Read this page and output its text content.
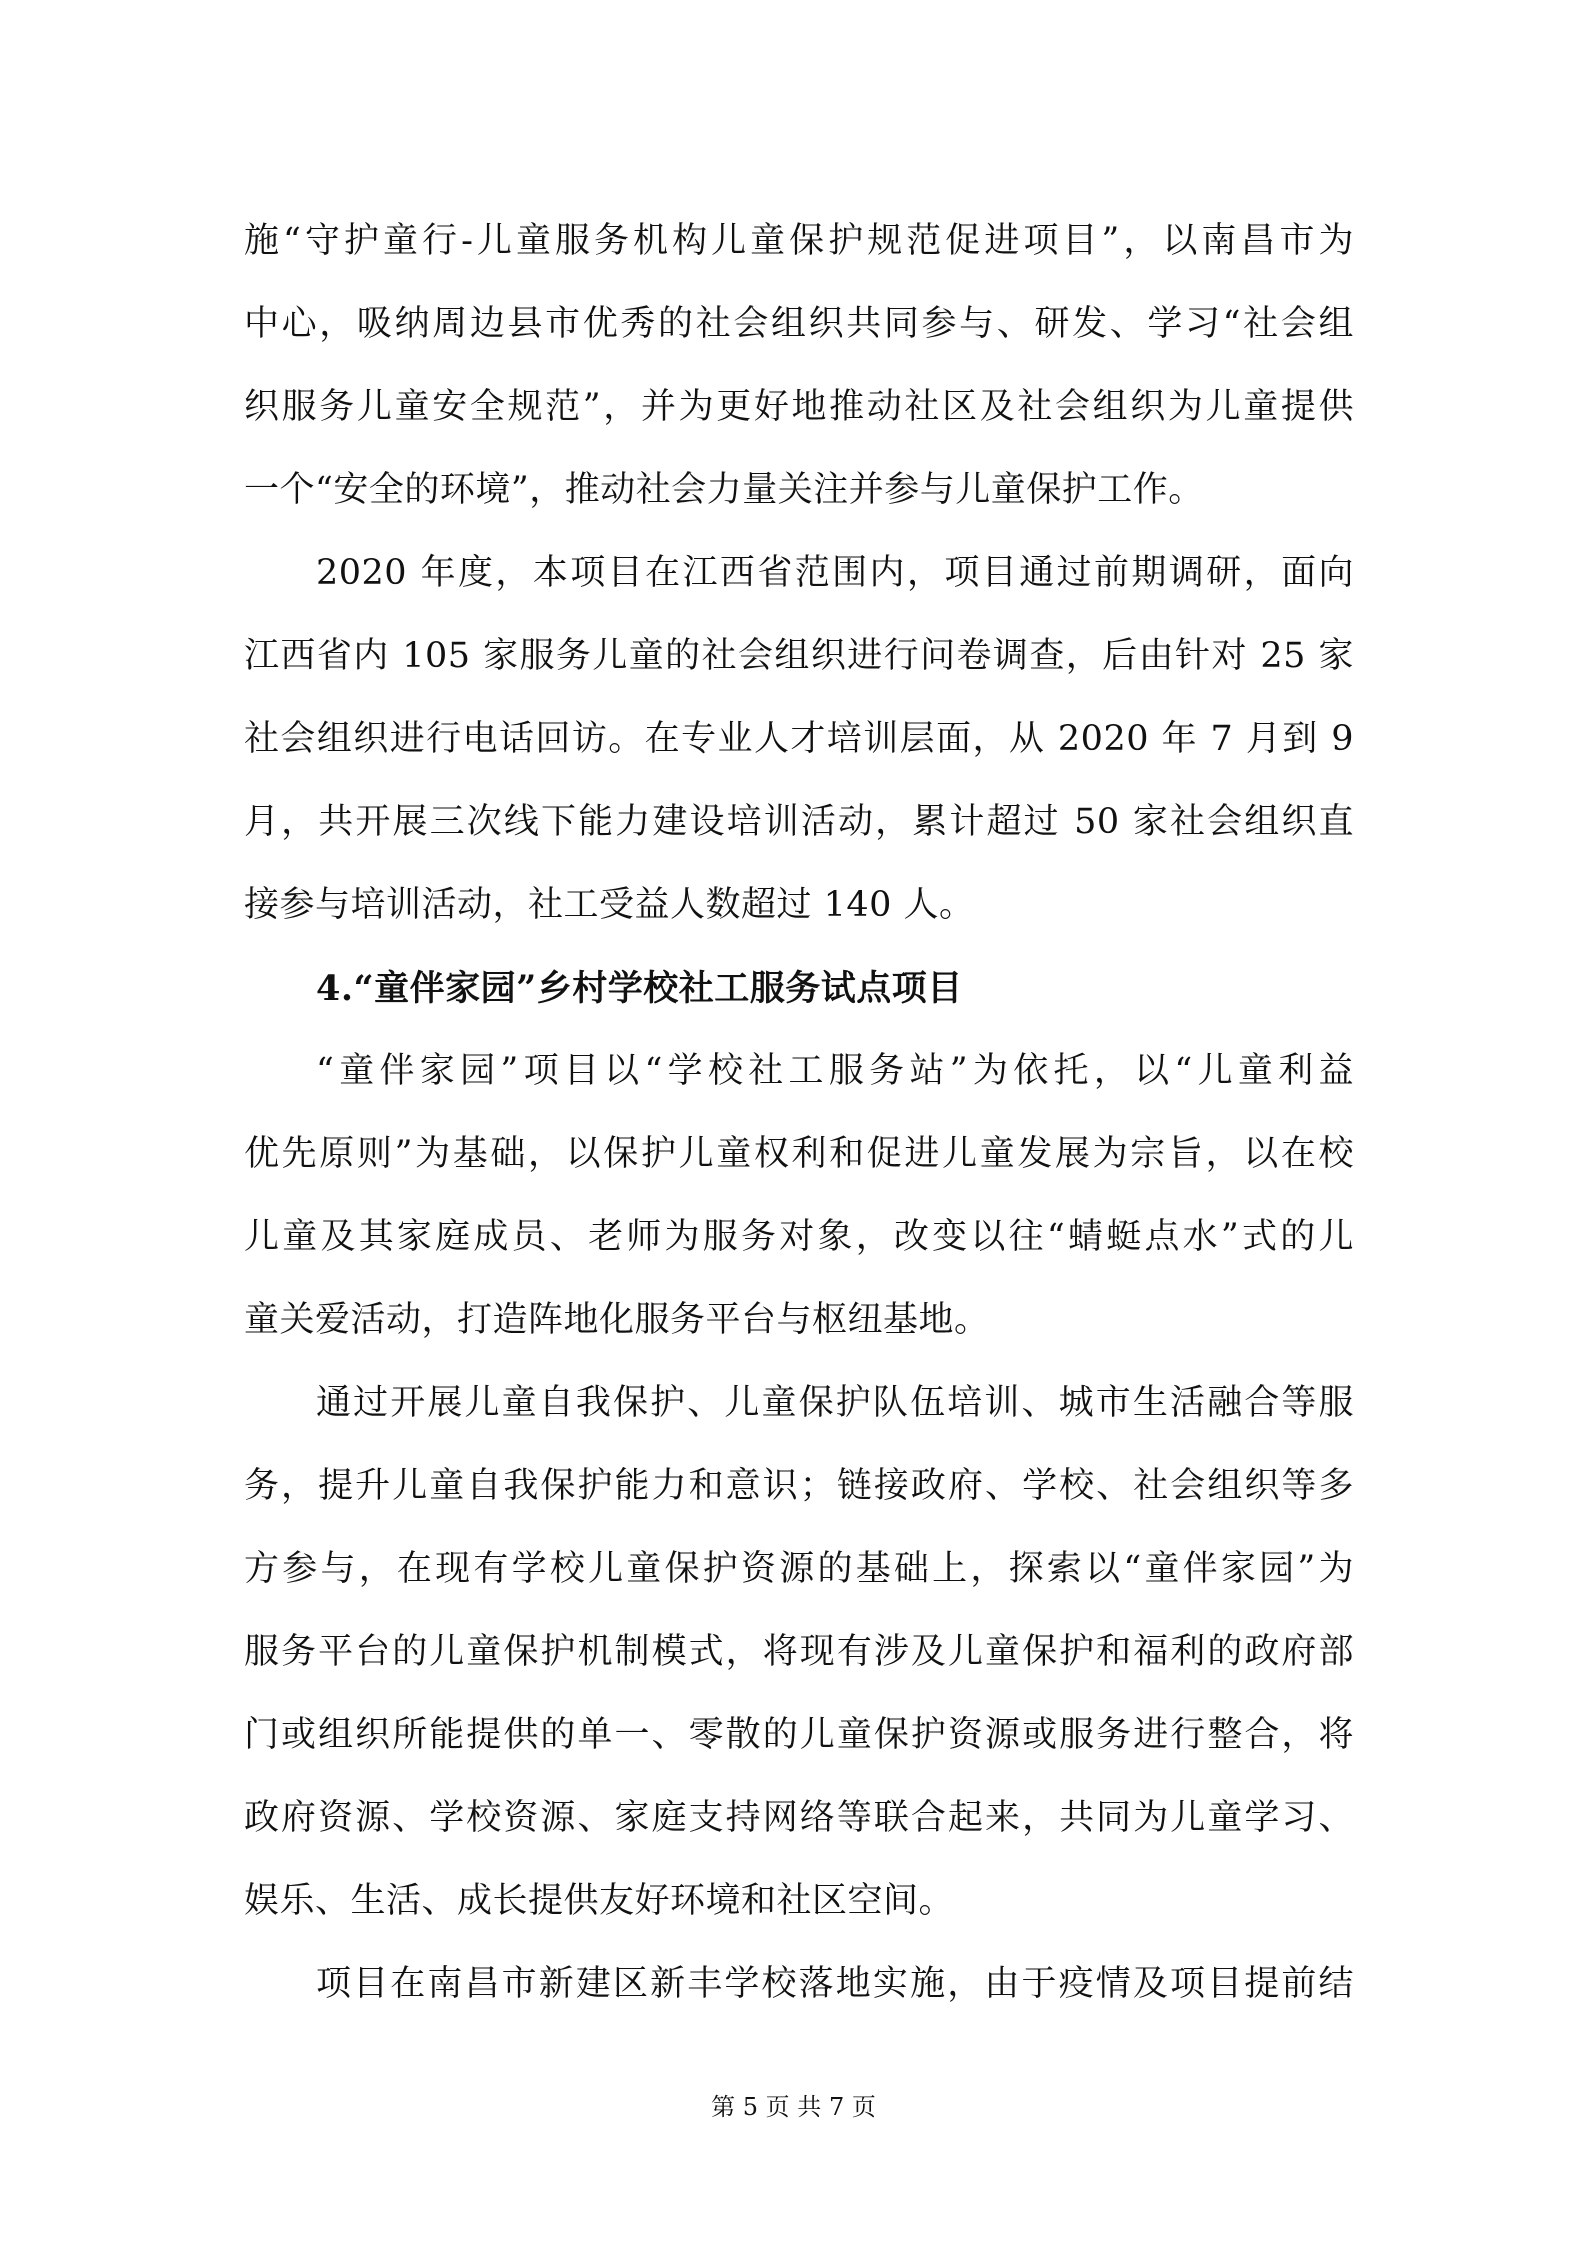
施“守护童行-儿童服务机构儿童保护规范促进项目”，以南昌市为
中心，吸纳周边县市优秀的社会组织共同参与、研发、学习“社会组
织服务儿童安全规范”，并为更好地推动社区及社会组织为儿童提供
一个“安全的环境”，推动社会力量关注并参与儿童保护工作。
2020 年度，本项目在江西省范围内，项目通过前期调研，面向
江西省内 105 家服务儿童的社会组织进行问卷调查，后由针对 25 家
社会组织进行电话回访。在专业人才培训层面，从 2020 年 7 月到 9
月，共开展三次线下能力建设培训活动，累计超过 50 家社会组织直
接参与培训活动，社工受益人数超过 140 人。
4.“童伴家园”乡村学校社工服务试点项目
“童伴家园”项目以“学校社工服务站”为依托，以“儿童利益
优先原则”为基础，以保护儿童权利和促进儿童发展为宗旨，以在校
儿童及其家庭成员、老师为服务对象，改变以往“蜻蜓点水”式的儿
童关爱活动，打造阵地化服务平台与枢纽基地。
通过开展儿童自我保护、儿童保护队伍培训、城市生活融合等服
务，提升儿童自我保护能力和意识；链接政府、学校、社会组织等多
方参与，在现有学校儿童保护资源的基础上，探索以“童伴家园”为
服务平台的儿童保护机制模式，将现有涉及儿童保护和福利的政府部
门或组织所能提供的单一、零散的儿童保护资源或服务进行整合，将
政府资源、学校资源、家庭支持网络等联合起来，共同为儿童学习、
娱乐、生活、成长提供友好环境和社区空间。
项目在南昌市新建区新丰学校落地实施，由于疫情及项目提前结
第 5 页 共 7 页
